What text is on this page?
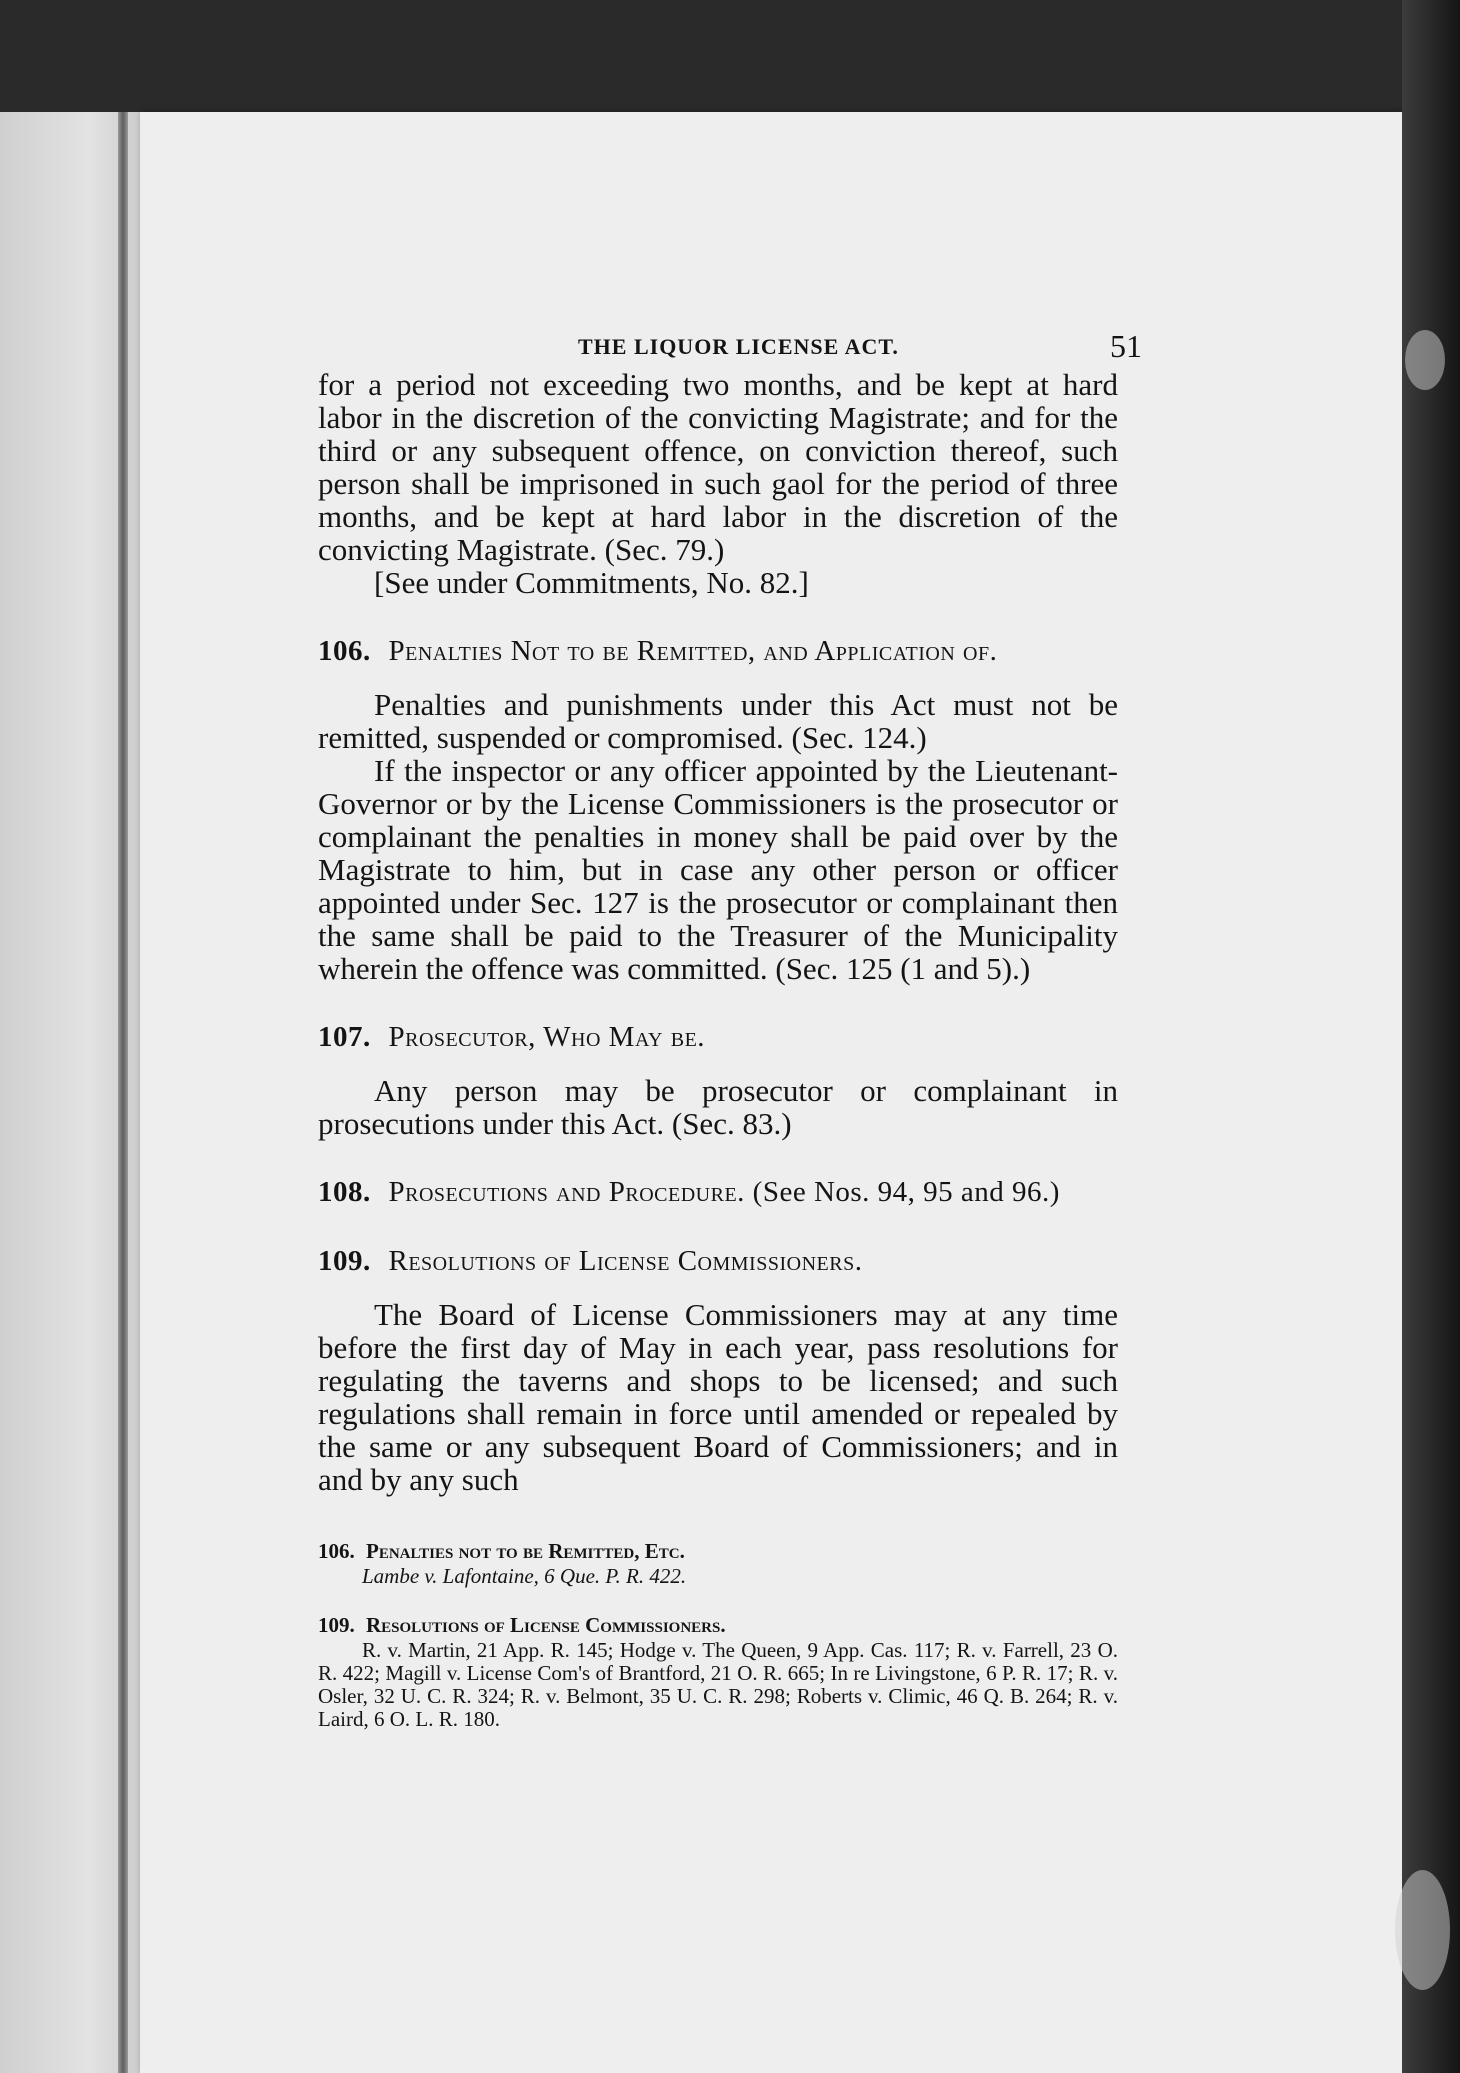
THE LIQUOR LICENSE ACT.	51

for a period not exceeding two months, and be kept at hard labor in the discretion of the convicting Magistrate; and for the third or any subsequent offence, on conviction thereof, such person shall be imprisoned in such gaol for the period of three months, and be kept at hard labor in the discretion of the convicting Magistrate. (Sec. 79.)

[See under Commitments, No. 82.]

106. Penalties Not to be Remitted, and Application of.

Penalties and punishments under this Act must not be remitted, suspended or compromised. (Sec. 124.)

If the inspector or any officer appointed by the Lieutenant-Governor or by the License Commissioners is the prosecutor or complainant the penalties in money shall be paid over by the Magistrate to him, but in case any other person or officer appointed under Sec. 127 is the prosecutor or complainant then the same shall be paid to the Treasurer of the Municipality wherein the offence was committed. (Sec. 125 (1 and 5).)

107. Prosecutor, Who May be.

Any person may be prosecutor or complainant in prosecutions under this Act. (Sec. 83.)

108. Prosecutions and Procedure. (See Nos. 94, 95 and 96.)
109. Resolutions of License Commissioners.

The Board of License Commissioners may at any time before the first day of May in each year, pass resolutions for regulating the taverns and shops to be licensed; and such regulations shall remain in force until amended or repealed by the same or any subsequent Board of Commissioners; and in and by any such

106. Penalties not to be Remitted, Etc.

Lambe v. Lafontaine, 6 Que. P. R. 422.

109. Resolutions of License Commissioners.

R. v. Martin, 21 App. R. 145; Hodge v. The Queen, 9 App. Cas. 117; R. v. Farrell, 23 O. R. 422; Magill v. License Com's of Brantford, 21 O. R. 665; In re Livingstone, 6 P. R. 17; R. v. Osler, 32 U. C. R. 324; R. v. Belmont, 35 U. C. R. 298; Roberts v. Climic, 46 Q. B. 264; R. v. Laird, 6 O. L. R. 180.
